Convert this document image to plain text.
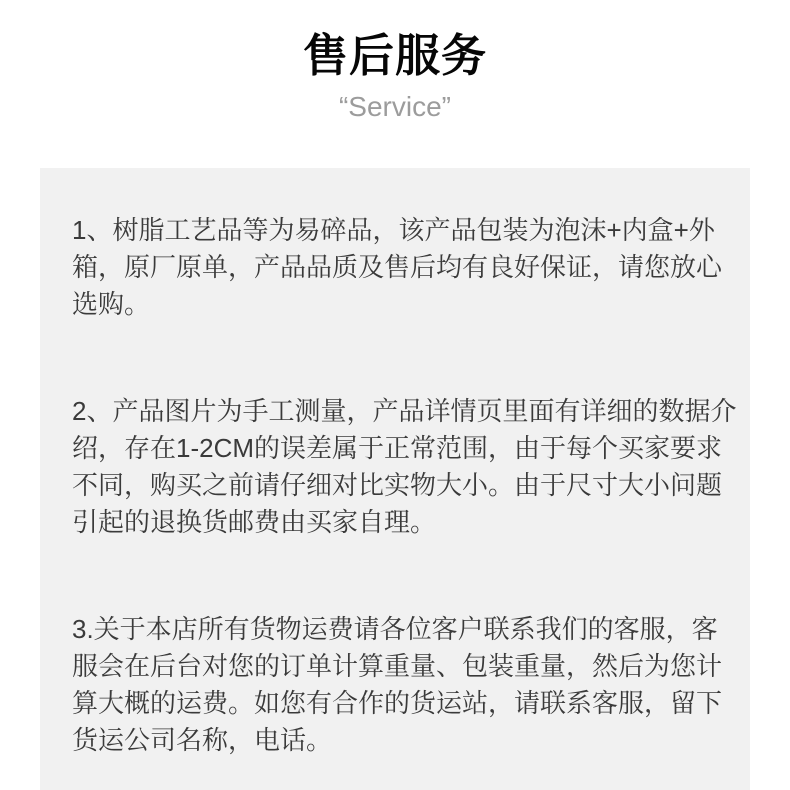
售后服务
“Service”

1、树脂工艺品等为易碎品，该产品包装为泡沫+内盒+外箱，原厂原单，产品品质及售后均有良好保证，请您放心选购。

2、产品图片为手工测量，产品详情页里面有详细的数据介绍，存在1-2CM的误差属于正常范围，由于每个买家要求不同，购买之前请仔细对比实物大小。由于尺寸大小问题引起的退换货邮费由买家自理。

3.关于本店所有货物运费请各位客户联系我们的客服，客服会在后台对您的订单计算重量、包装重量，然后为您计算大概的运费。如您有合作的货运站，请联系客服，留下货运公司名称，电话。
